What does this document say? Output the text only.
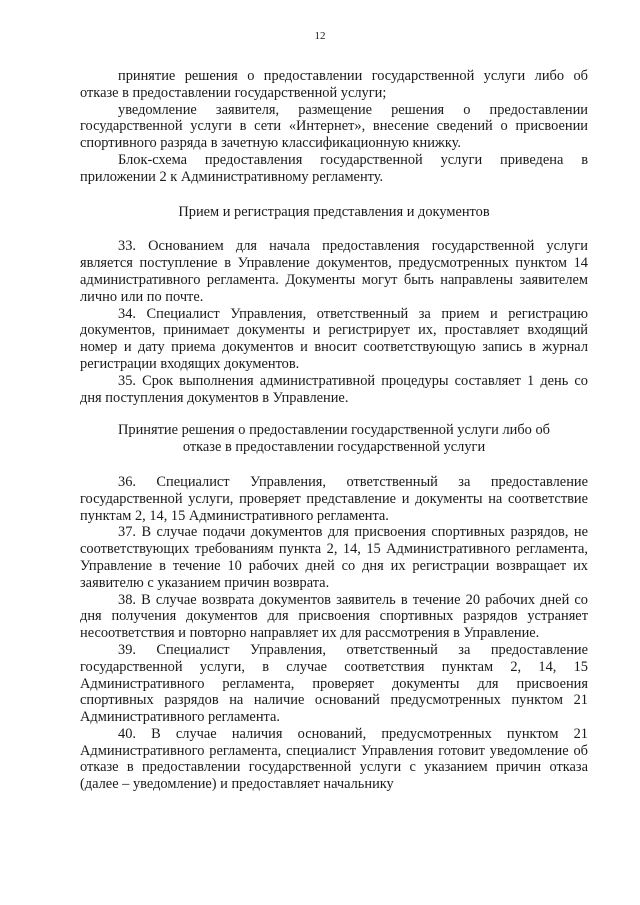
12

принятие решения о предоставлении государственной услуги либо об отказе в предоставлении государственной услуги;

уведомление заявителя, размещение решения о предоставлении государственной услуги в сети «Интернет», внесение сведений о присвоении спортивного разряда в зачетную классификационную книжку.

Блок-схема предоставления государственной услуги приведена в приложении 2 к Административному регламенту.

Прием и регистрация представления и документов

33. Основанием для начала предоставления государственной услуги является поступление в Управление документов, предусмотренных пунктом 14 административного регламента. Документы могут быть направлены заявителем лично или по почте.

34. Специалист Управления, ответственный за прием и регистрацию документов, принимает документы и регистрирует их, проставляет входящий номер и дату приема документов и вносит соответствующую запись в журнал регистрации входящих документов.

35. Срок выполнения административной процедуры составляет 1 день со дня поступления документов в Управление.

Принятие решения о предоставлении государственной услуги либо об отказе в предоставлении государственной услуги

36. Специалист Управления, ответственный за предоставление государственной услуги, проверяет представление и документы на соответствие пунктам 2, 14, 15 Административного регламента.

37. В случае подачи документов для присвоения спортивных разрядов, не соответствующих требованиям пункта 2, 14, 15 Административного регламента, Управление в течение 10 рабочих дней со дня их регистрации возвращает их заявителю с указанием причин возврата.

38. В случае возврата документов заявитель в течение 20 рабочих дней со дня получения документов для присвоения спортивных разрядов устраняет несоответствия и повторно направляет их для рассмотрения в Управление.

39. Специалист Управления, ответственный за предоставление государственной услуги, в случае соответствия пунктам 2, 14, 15 Административного регламента, проверяет документы для присвоения спортивных разрядов на наличие оснований предусмотренных пунктом 21 Административного регламента.

40. В случае наличия оснований, предусмотренных пунктом 21 Административного регламента, специалист Управления готовит уведомление об отказе в предоставлении государственной услуги с указанием причин отказа (далее – уведомление) и предоставляет начальнику
